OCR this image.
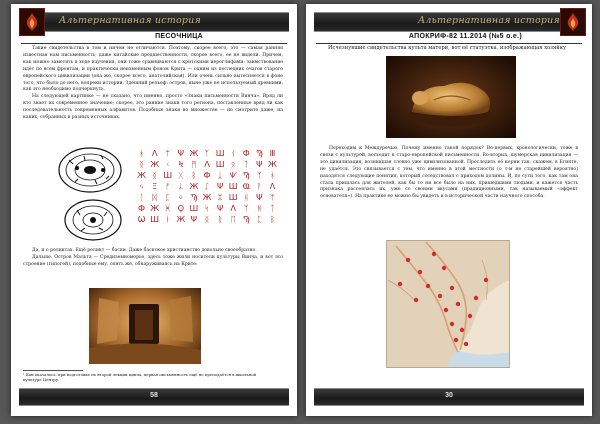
Альтернативная история
ПЕСОЧНИЦА

Такие свидетельства в том и ничем не отличаются. Поэтому, скорее всего, это — самая ранняя известная нам письменность, даже китайские предшественности, скорее всего, ее не видели. Причем, как можно заметить в ходе изучения, они тоже сравниваются с критскими иероглифами: заимствование идёт по всем фронтам, и практически неизменным фоном Крита — одним из последних очагов старого европейского цивилизации (она же, скорее всего, анатолийская). Или очень сильно вытесняется в фоне того, что было до него, вопреки истории. Здешний рельеф: остров, ныне уже не используемый древними, как это необходимо подчеркнуть.

На следующей картинке — не сказано, что именно, просто «Знаки письменности Винча». Вряд ли кто знает их современное значение; скорее, это ранние знаки того региона, поставленные вряд ли как последовательность современных алфавитов. Подобные знаки во множестве — не смотрите даже, на каких, собранных в разных источниках.

ᚼ Λ ᛘ Ψ Ж ᛉ Ш ᚾ Ф Ϡ Ⅲ
ᛝ Ж ᚲ Ϟ ᛗ Ʌ Ш ᛟ ᛏ Ψ Ж
Ж ᛝ Ш ᚷ ᛒ Ф ᛣ Ѱ Ϡ ᛉ ᚼ
ᛃ Ξ ᚠ ᛦ Ж ᛇ Ψ Ш Ҩ ᚹ Λ
ᛚ ᛞ ᛈ ᛜ Ϡ Ж ᛯ Ш ᚺ Ψ ᛘ
Ф Ж ᚸ Ϙ Ш ᛋ Ψ Λ ᛉ ᚻ ᛏ
Ѡ Ш ᛓ Ж Ψ ᛝ ᚱ ᛖ Ϡ ᛈ ᛒ

Да, и о реликтах. Ещё реликт — баски. Даже баскское христианство довольно своеобразно.

Дальше. Остров Мальта — Средиземноморье, здесь тоже жили носители культуры Винча, и вот это строение (гипогей), подобные ему, опять же, обнаруживаясь на Крите:

¹ Как оказалось, при подготовке по второй лекции цикла, первая письменность ещё не преподаётся в школьной культуре Центру.

58
Альтернативная история
АПОКРИФ-82 11.2014 (№5 о.е.)
Исчезнувшие свидетельства культа матери, вот её статуэтка, изображающая хозяйку

Переходим к Междуречью. Почему именно такой порядок? Во-первых, хронологически, тоже в связи с культурой, восходит к старо-европейской письменности. Во-вторых, шумерская цивилизация — это цивилизация, возникшая словно уже цивилизованной. Проследить её корни так, скажем, в Египте, не удаётся. Это связывается с тем, что именно в этой местности (о т-м не старейшей вероятно) находятся следующие понятия, который соседствовал с приходом долины. И, по сути того, как там она стала пришлась для жителей, как бы то ни все было на них, пришедшими людьми, и кажется часть признака рассеялась их, уже со своими вкусами (прадиционными, так называемый «эффект основателя»). На практике ее можно бы увидеть и в исторической части научного способа.

30
